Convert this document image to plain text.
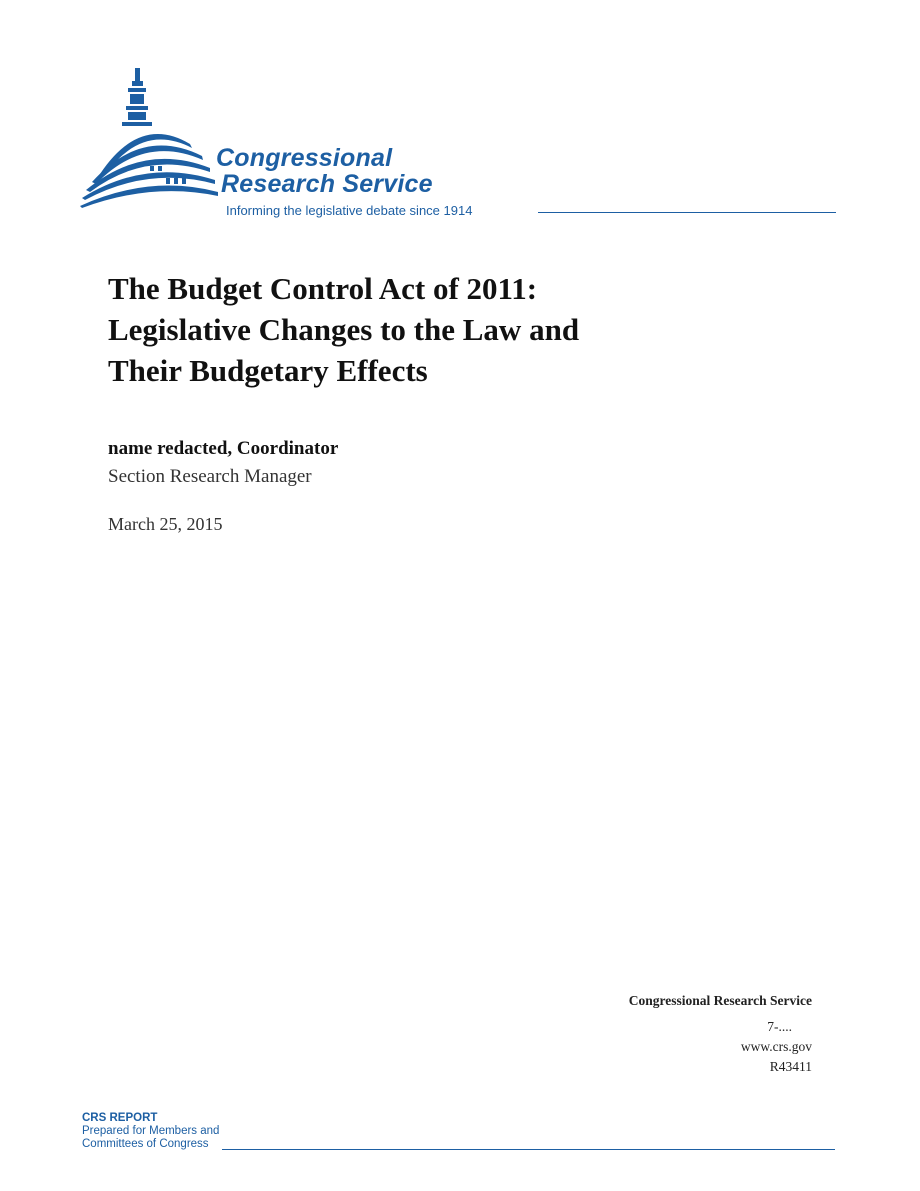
Congressional
Research Service
Informing the legislative debate since 1914
The Budget Control Act of 2011:
Legislative Changes to the Law and
Their Budgetary Effects
name redacted, Coordinator
Section Research Manager
March 25, 2015
Congressional Research Service
7-....
www.crs.gov
R43411
CRS REPORT
Prepared for Members and
Committees of Congress
